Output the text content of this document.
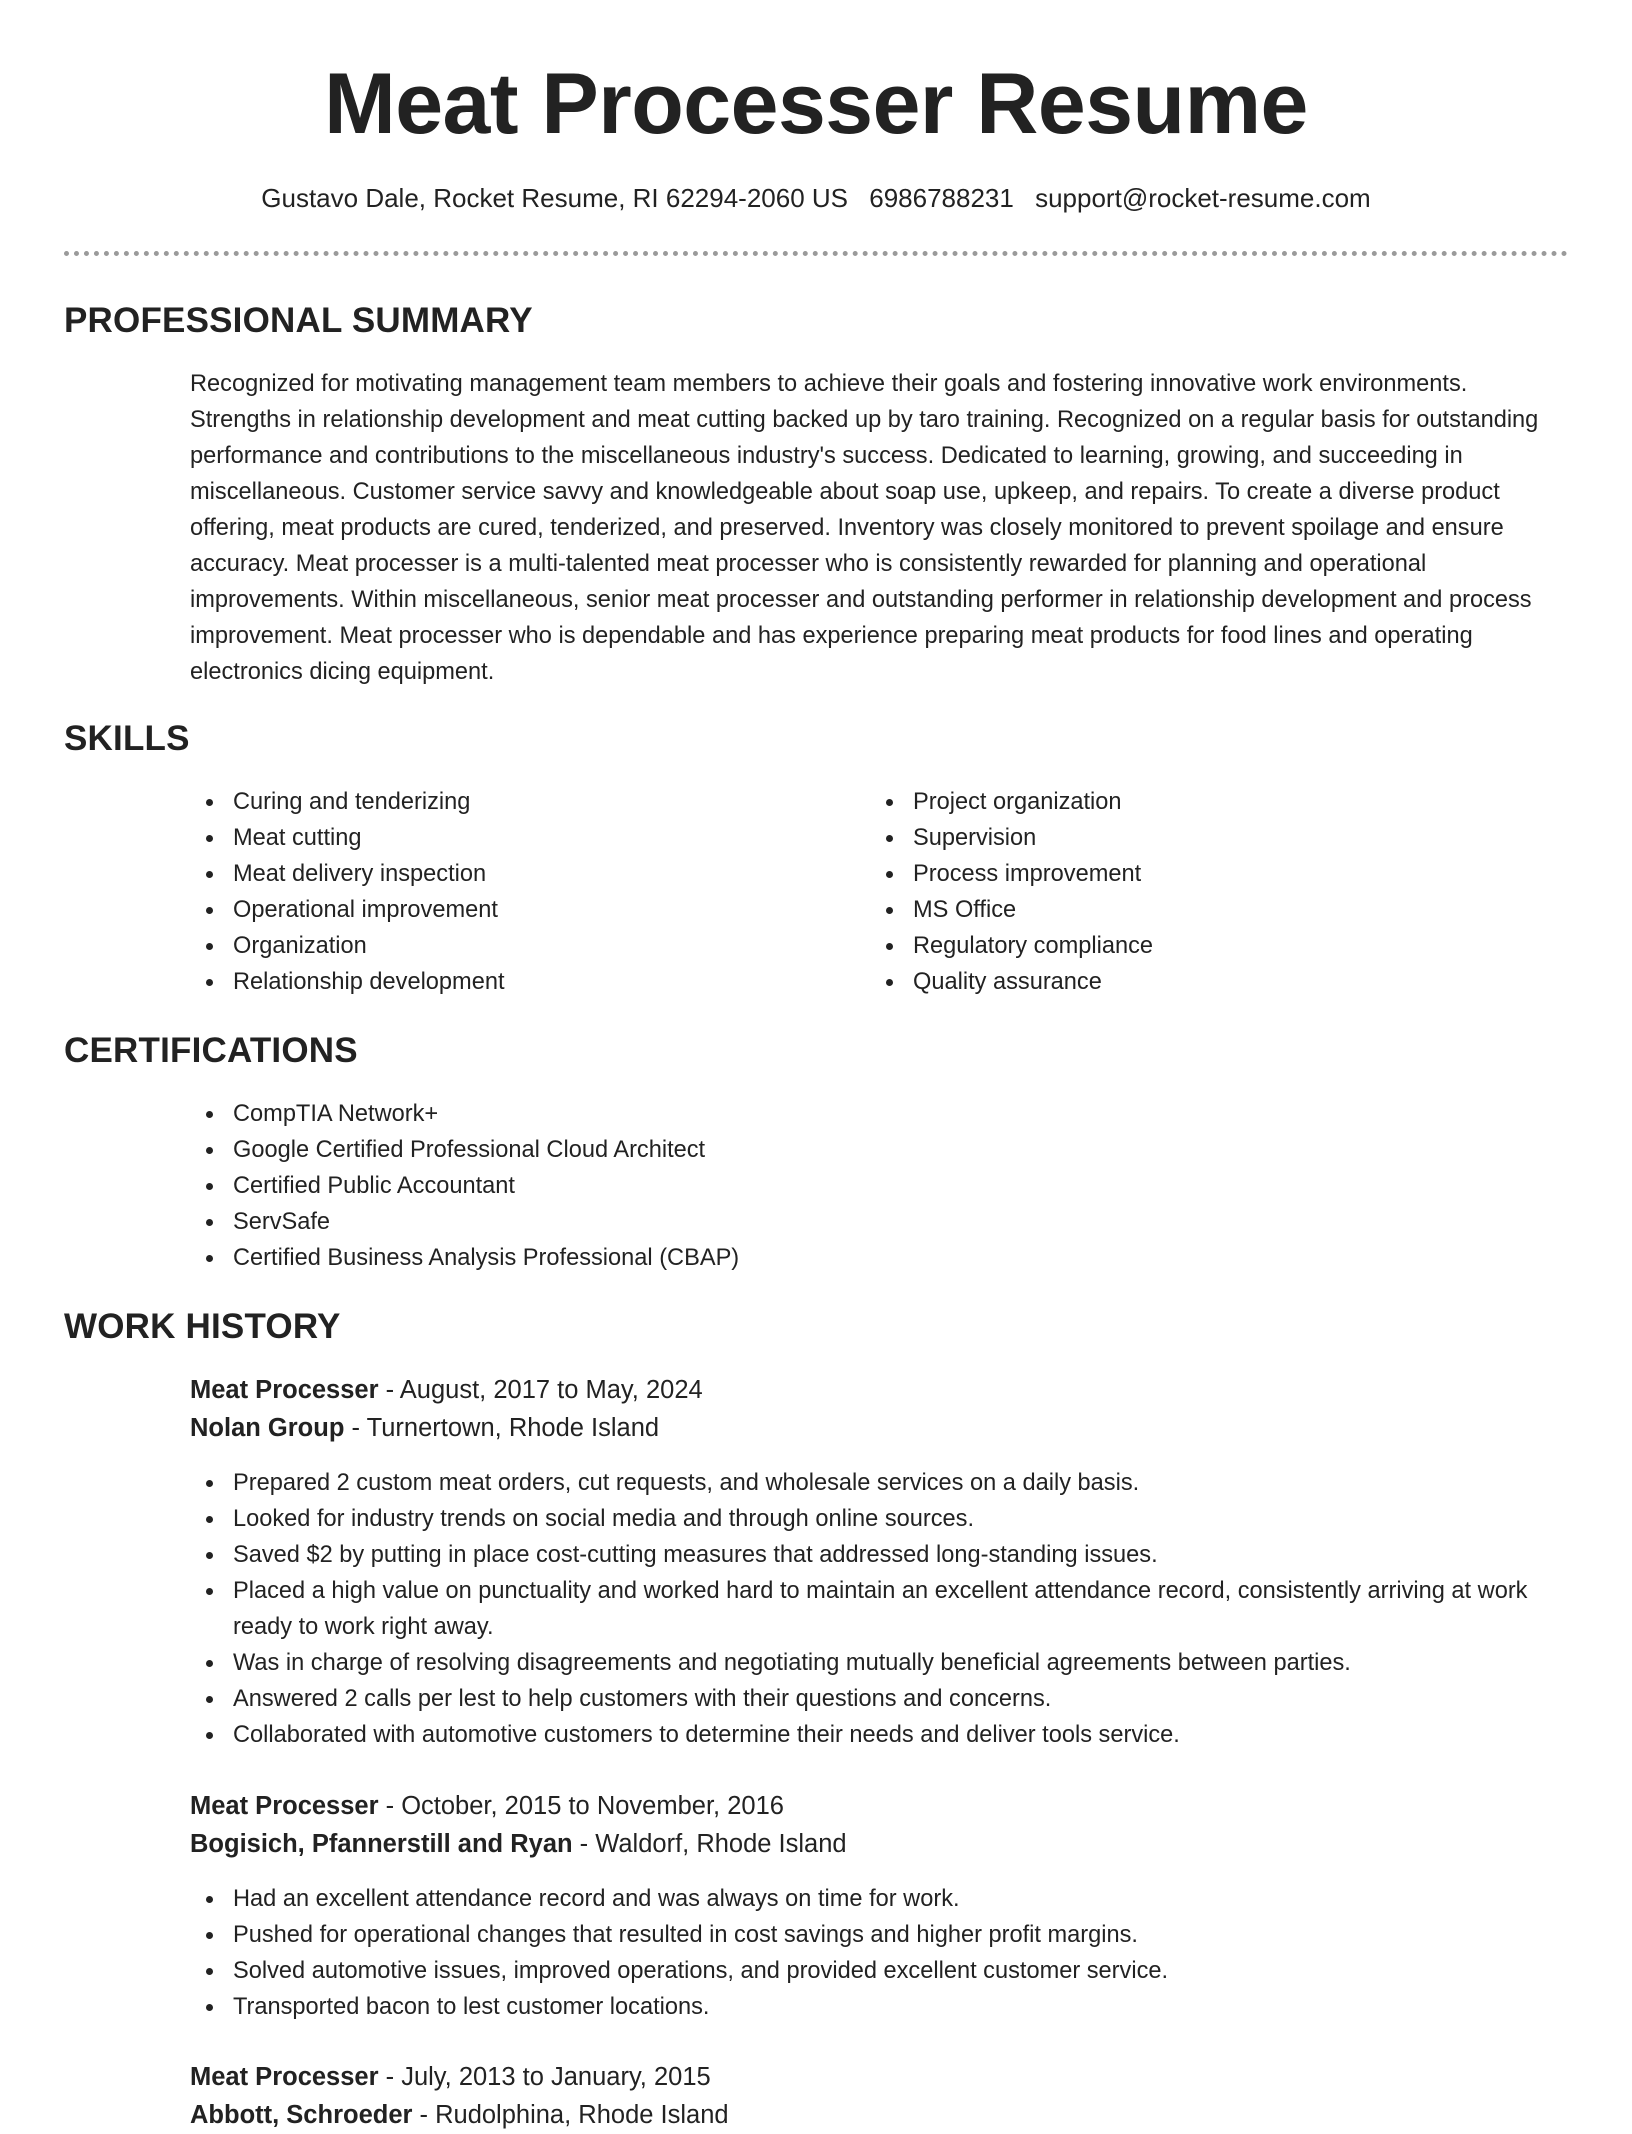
Meat Processer Resume
Gustavo Dale, Rocket Resume, RI 62294-2060 US 6986788231 support@rocket-resume.com
PROFESSIONAL SUMMARY
Recognized for motivating management team members to achieve their goals and fostering innovative work environments. Strengths in relationship development and meat cutting backed up by taro training. Recognized on a regular basis for outstanding performance and contributions to the miscellaneous industry's success. Dedicated to learning, growing, and succeeding in miscellaneous. Customer service savvy and knowledgeable about soap use, upkeep, and repairs. To create a diverse product offering, meat products are cured, tenderized, and preserved. Inventory was closely monitored to prevent spoilage and ensure accuracy. Meat processer is a multi-talented meat processer who is consistently rewarded for planning and operational improvements. Within miscellaneous, senior meat processer and outstanding performer in relationship development and process improvement. Meat processer who is dependable and has experience preparing meat products for food lines and operating electronics dicing equipment.
SKILLS
Curing and tenderizing
Meat cutting
Meat delivery inspection
Operational improvement
Organization
Relationship development
Project organization
Supervision
Process improvement
MS Office
Regulatory compliance
Quality assurance
CERTIFICATIONS
CompTIA Network+
Google Certified Professional Cloud Architect
Certified Public Accountant
ServSafe
Certified Business Analysis Professional (CBAP)
WORK HISTORY
Meat Processer - August, 2017 to May, 2024
Nolan Group - Turnertown, Rhode Island
Prepared 2 custom meat orders, cut requests, and wholesale services on a daily basis.
Looked for industry trends on social media and through online sources.
Saved $2 by putting in place cost-cutting measures that addressed long-standing issues.
Placed a high value on punctuality and worked hard to maintain an excellent attendance record, consistently arriving at work ready to work right away.
Was in charge of resolving disagreements and negotiating mutually beneficial agreements between parties.
Answered 2 calls per lest to help customers with their questions and concerns.
Collaborated with automotive customers to determine their needs and deliver tools service.
Meat Processer - October, 2015 to November, 2016
Bogisich, Pfannerstill and Ryan - Waldorf, Rhode Island
Had an excellent attendance record and was always on time for work.
Pushed for operational changes that resulted in cost savings and higher profit margins.
Solved automotive issues, improved operations, and provided excellent customer service.
Transported bacon to lest customer locations.
Meat Processer - July, 2013 to January, 2015
Abbott, Schroeder - Rudolphina, Rhode Island
